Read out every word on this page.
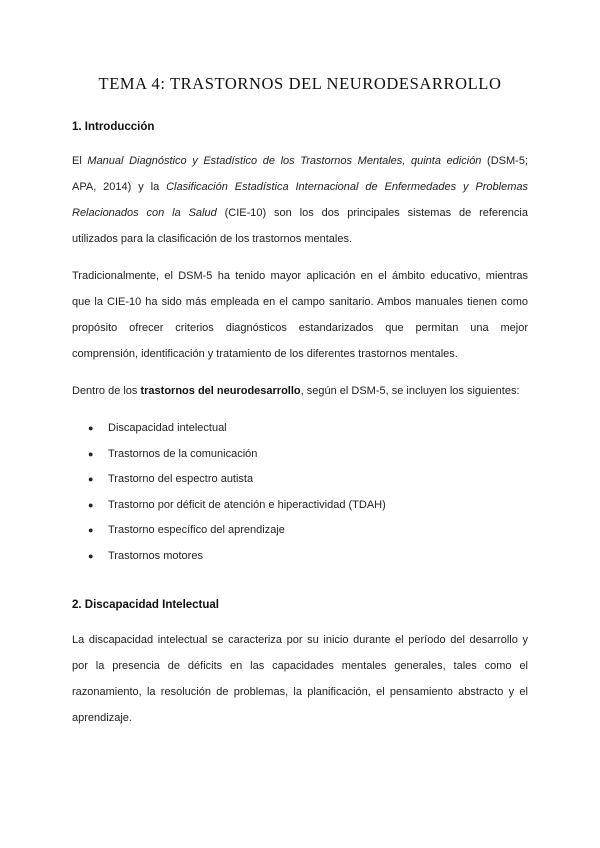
TEMA 4: TRASTORNOS DEL NEURODESARROLLO
1. Introducción
El Manual Diagnóstico y Estadístico de los Trastornos Mentales, quinta edición (DSM-5;
APA, 2014) y la Clasificación Estadística Internacional de Enfermedades y Problemas
Relacionados con la Salud (CIE-10) son los dos principales sistemas de referencia
utilizados para la clasificación de los trastornos mentales.
Tradicionalmente, el DSM-5 ha tenido mayor aplicación en el ámbito educativo, mientras
que la CIE-10 ha sido más empleada en el campo sanitario. Ambos manuales tienen como
propósito ofrecer criterios diagnósticos estandarizados que permitan una mejor
comprensión, identificación y tratamiento de los diferentes trastornos mentales.
Dentro de los trastornos del neurodesarrollo, según el DSM-5, se incluyen los siguientes:
● Discapacidad intelectual
● Trastornos de la comunicación
● Trastorno del espectro autista
● Trastorno por déficit de atención e hiperactividad (TDAH)
● Trastorno específico del aprendizaje
● Trastornos motores
2. Discapacidad Intelectual
La discapacidad intelectual se caracteriza por su inicio durante el período del desarrollo y
por la presencia de déficits en las capacidades mentales generales, tales como el
razonamiento, la resolución de problemas, la planificación, el pensamiento abstracto y el
aprendizaje.
